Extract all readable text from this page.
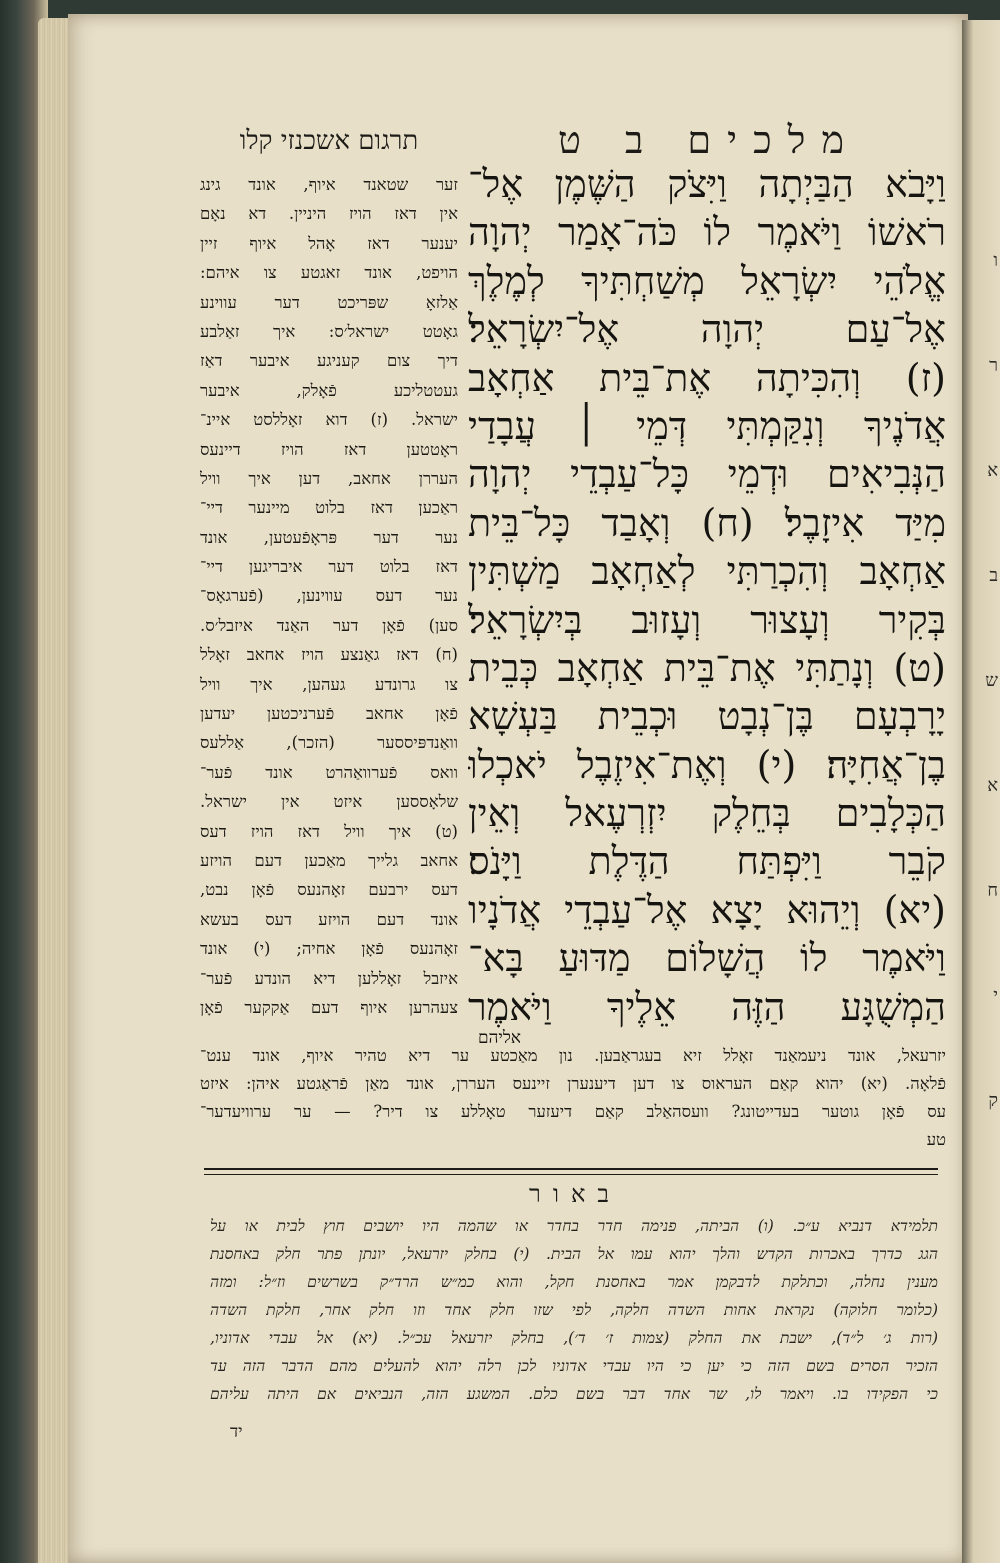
ו
ר
א
ב
ש
א
ח
י
ק
מלכים ב ט
תרגום אשכנזי קלו
וַיָּבֹא הַבַּיְתָה וַיִּצֹק הַשֶּׁמֶן אֶל־
רֹאשׁוֹ וַיֹּאמֶר לוֹ כֹּה־אָמַר יְהוָה
אֱלֹהֵי יִשְׂרָאֵל מְשַׁחְתִּיךָ לְמֶלֶךְ
אֶל־עַם יְהוָה אֶל־יִשְׂרָאֵל׃
(ז) וְהִכִּיתָה אֶת־בֵּית אַחְאָב
אֲדֹנֶיךָ וְנִקַּמְתִּי דְּמֵי ׀ עֲבָדַי
הַנְּבִיאִים וּדְמֵי כָּל־עַבְדֵי יְהוָה
מִיַּד אִיזָבֶל׃ (ח) וְאָבַד כָּל־בֵּית
אַחְאָב וְהִכְרַתִּי לְאַחְאָב מַשְׁתִּין
בְּקִיר וְעָצוּר וְעָזוּב בְּיִשְׂרָאֵל׃
(ט) וְנָתַתִּי אֶת־בֵּית אַחְאָב כְּבֵית
יָרָבְעָם בֶּן־נְבָט וּכְבֵית בַּעְשָׁא
בֶן־אֲחִיָּה׃ (י) וְאֶת־אִיזֶבֶל יֹאכְלוּ
הַכְּלָבִים בְּחֵלֶק יִזְרְעֶאל וְאֵין
קֹבֵר וַיִּפְתַּח הַדֶּלֶת וַיָּנֹס׃
(יא) וְיֵהוּא יָצָא אֶל־עַבְדֵי אֲדֹנָיו
וַיֹּאמֶר לוֹ הֲשָׁלוֹם מַדּוּעַ בָּא־
הַמְשֻׁגָּע הַזֶּה אֵלֶיךָ וַיֹּאמֶר
אליהם
זער שטאנד איוף, אונד גינג
אין דאז הויז היניין. דא נאָם
יענער דאז אָהל איוף זיין
הויפט, אונד זאגטע צו איהם:
אַלזאָ שפּריכט דער עווינע
גאָטט ישראל׳ס: איך זאַלבע
דיך צום קעניגע איבער דאַז
געטטליכע פֿאָלק, איבער
ישראל. (ז) דוא זאָללסט איינ־
ראָטטען דאז הויז דיינעס
העררן אחאב, דען איך וויל
ראַכען דאז בלוט מיינער דיי־
נער דער פּראָפֿעטען, אונד
דאז בלוט דער איבריגען דיי־
נער דעס עווינען, (פֿערגאָס־
סען) פֿאָן דער האַנד איזבל׳ס.
(ח) דאז גאַנצע הויז אחאב זאָלל
צו גרונדע געהען, איך וויל
פֿאָן אחאב פֿערניכטען יעדען
וואַנדפּיססער (הזכר), אַללעס
וואס פֿערוואַהרט אונד פֿער־
שלאָססען איזט אין ישראל.
(ט) איך וויל דאז הויז דעס
אחאב גלייך מאַכען דעם הויזע
דעס ירבעם זאָהנעס פֿאָן נבט,
אונד דעם הויזע דעס בעשא
זאָהנעס פֿאָן אחיה; (י) אונד
איזבל זאָללען דיא הונדע פֿער־
צעהרען איוף דעם אַקקער פֿאָן
יזרעאל, אונד ניעמאַנד זאָלל זיא בעגראַבען. נון מאַכטע ער דיא טהיר איוף, אונד ענט־
פֿלאָה. (יא) יהוא קאַם העראוס צו דען דיענערן זיינעס העררן, אונד מאַן פֿראַגטע איהן: איזט
עס פֿאָן גוטער בעדייטונג? וועסהאַלב קאַם דיעזער טאָללע צו דיר? — ער ערוויעדער־
טע
באור
תלמידא דנביא ע״כ. (ו) הביתה, פנימה חדר בחדר או שהמה היו יושבים חוץ לבית או על
הגג כדרך באכרות הקדש והלך יהוא עמו אל הבית. (י) בחלק יזרעאל, יונתן פתר חלק באחסנת
מענין נחלה, וכתלקת לדבקמן אמר באחסנת חקל, והוא כמ״ש הרד״ק בשרשים וז״ל: ומזה
(כלומר חלוקה) נקראת אחות השדה חלקה, לפי שזו חלק אחד וזו חלק אחר, חלקת השדה
(רות ג׳ ל״ד), ישבת את החלק (צמות ז׳ ד׳), בחלק יזרעאל עכ״ל. (יא) אל עבדי אדוניו,
הזכיר הסרים בשם הזה כי יען כי היו עבדי אדוניו לכן רלה יהוא להעלים מהם הדבר הזה עד
כי הפקידו בו. ויאמר לו, שר אחד דבר בשם כלם. המשגע הזה, הנביאים אם היתה עליהם
יד
